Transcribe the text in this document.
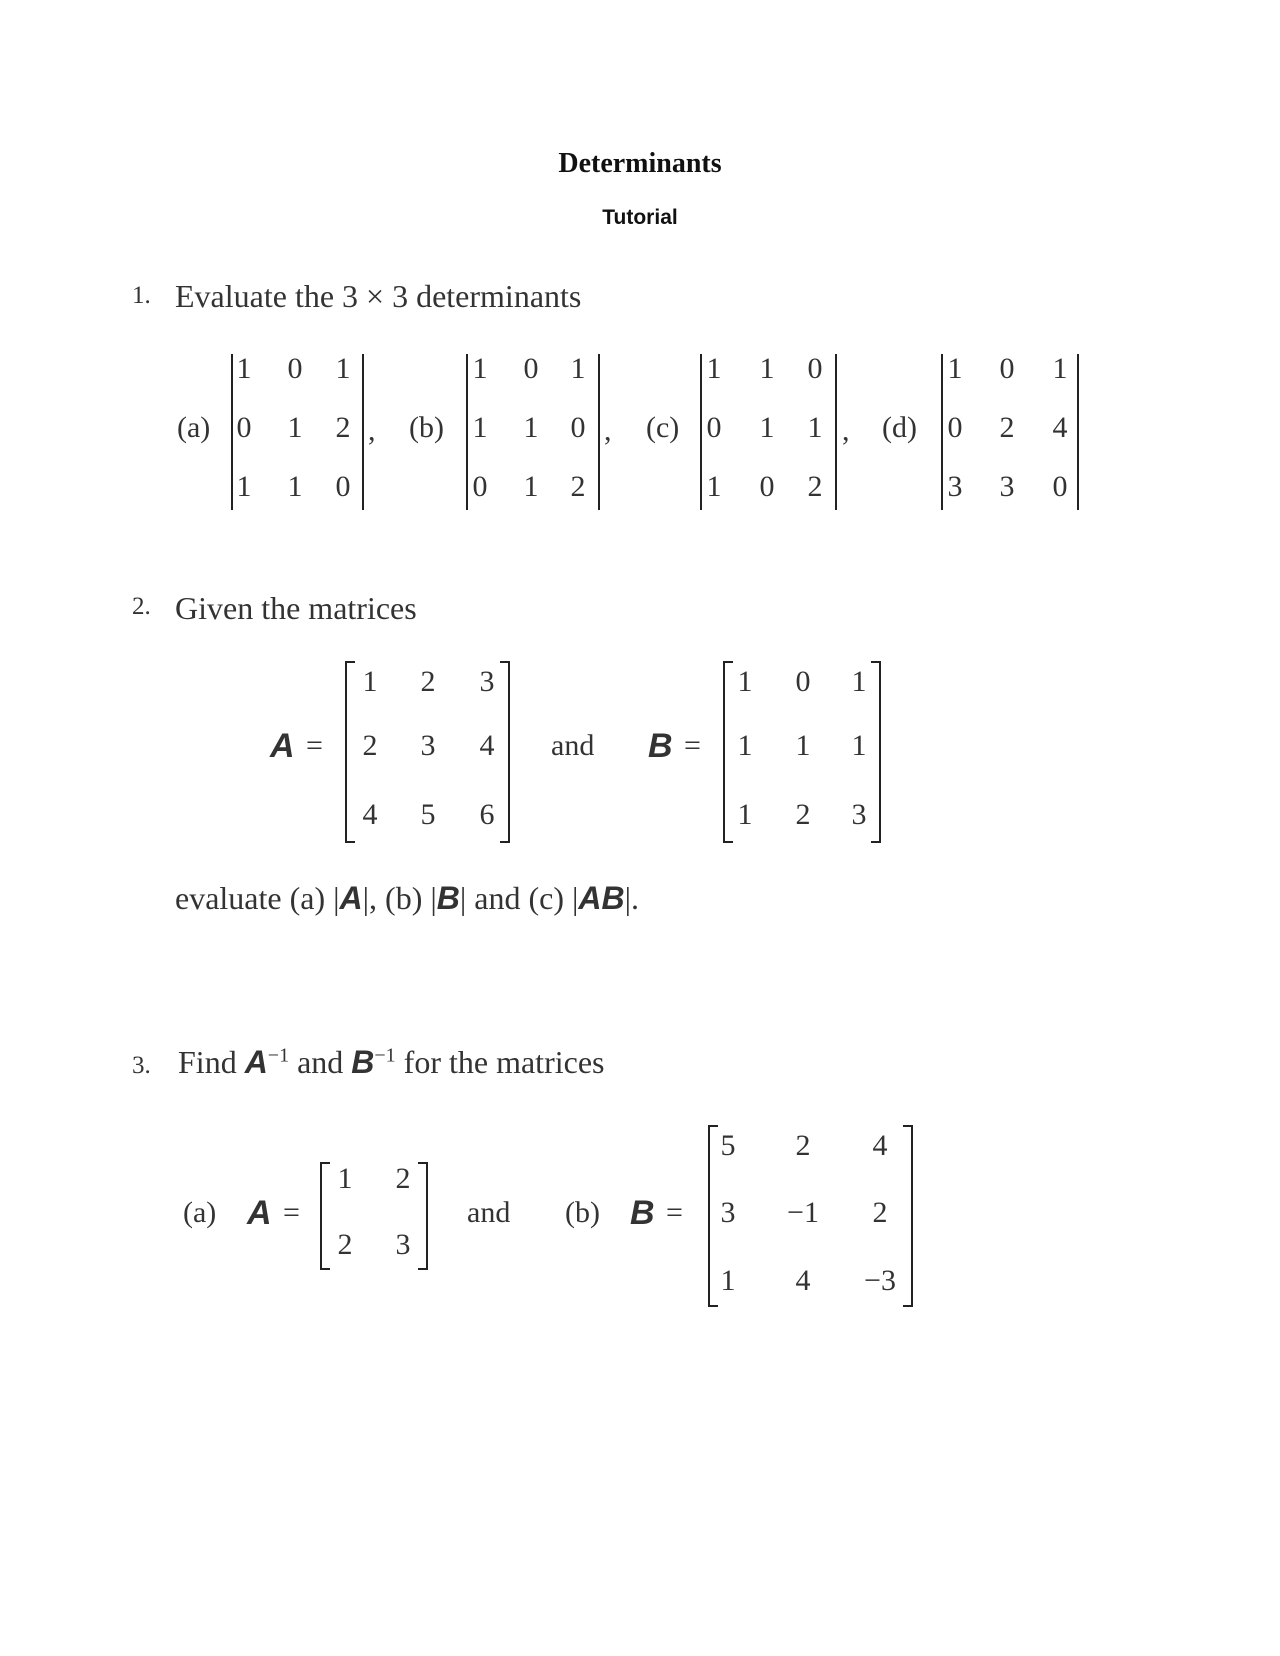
Determinants
Tutorial
1. Evaluate the 3 × 3 determinants
(a)
1	0	1
0	1	2
1	1	0
, (b)
1	0	1
1	1	0
0	1	2
, (c)
1	1	0
0	1	1
1	0	2
, (d)
1	0	1
0	2	4
3	3	0
2. Given the matrices
A =
1	2	3
2	3	4
4	5	6
and B =
1	0	1
1	1	1
1	2	3
evaluate (a) |A|, (b) |B| and (c) |AB|.
3. Find $A^{-1}$ and $B^{-1}$ for the matrices
(a) A =
1	2
2	3
and (b) B =
5	2	4
3	−1	2
1	4	−3
